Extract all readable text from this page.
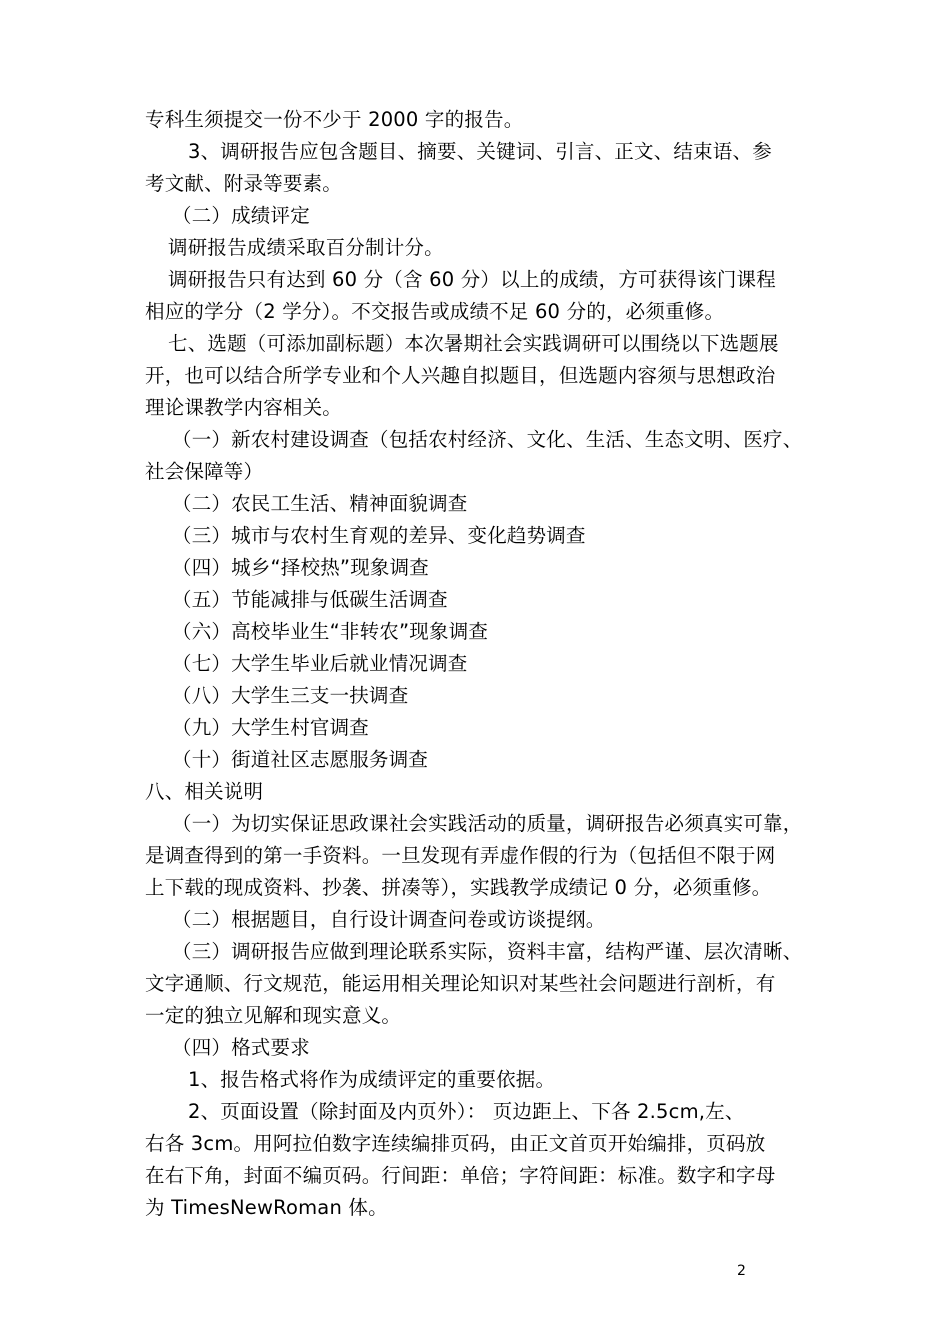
专科生须提交一份不少于 2000 字的报告。
3、调研报告应包含题目、摘要、关键词、引言、正文、结束语、参
考文献、附录等要素。
（二）成绩评定
调研报告成绩采取百分制计分。
调研报告只有达到 60 分（含 60 分）以上的成绩，方可获得该门课程
相应的学分（2 学分）。不交报告或成绩不足 60 分的，必须重修。
七、选题（可添加副标题）本次暑期社会实践调研可以围绕以下选题展
开，也可以结合所学专业和个人兴趣自拟题目，但选题内容须与思想政治
理论课教学内容相关。
（一）新农村建设调查（包括农村经济、文化、生活、生态文明、医疗、
社会保障等）
（二）农民工生活、精神面貌调查
（三）城市与农村生育观的差异、变化趋势调查
（四）城乡“择校热”现象调查
（五）节能减排与低碳生活调查
（六）高校毕业生“非转农”现象调查
（七）大学生毕业后就业情况调查
（八）大学生三支一扶调查
（九）大学生村官调查
（十）街道社区志愿服务调查
八、相关说明
（一）为切实保证思政课社会实践活动的质量，调研报告必须真实可靠，
是调查得到的第一手资料。一旦发现有弄虚作假的行为（包括但不限于网
上下载的现成资料、抄袭、拼凑等），实践教学成绩记 0 分，必须重修。
（二）根据题目，自行设计调查问卷或访谈提纲。
（三）调研报告应做到理论联系实际，资料丰富，结构严谨、层次清晰、
文字通顺、行文规范，能运用相关理论知识对某些社会问题进行剖析，有
一定的独立见解和现实意义。
（四）格式要求
1、报告格式将作为成绩评定的重要依据。
2、页面设置（除封面及内页外）： 页边距上、下各 2.5cm,左、
右各 3cm。用阿拉伯数字连续编排页码，由正文首页开始编排，页码放
在右下角，封面不编页码。行间距：单倍；字符间距：标准。数字和字母
为 TimesNewRoman 体。
2
